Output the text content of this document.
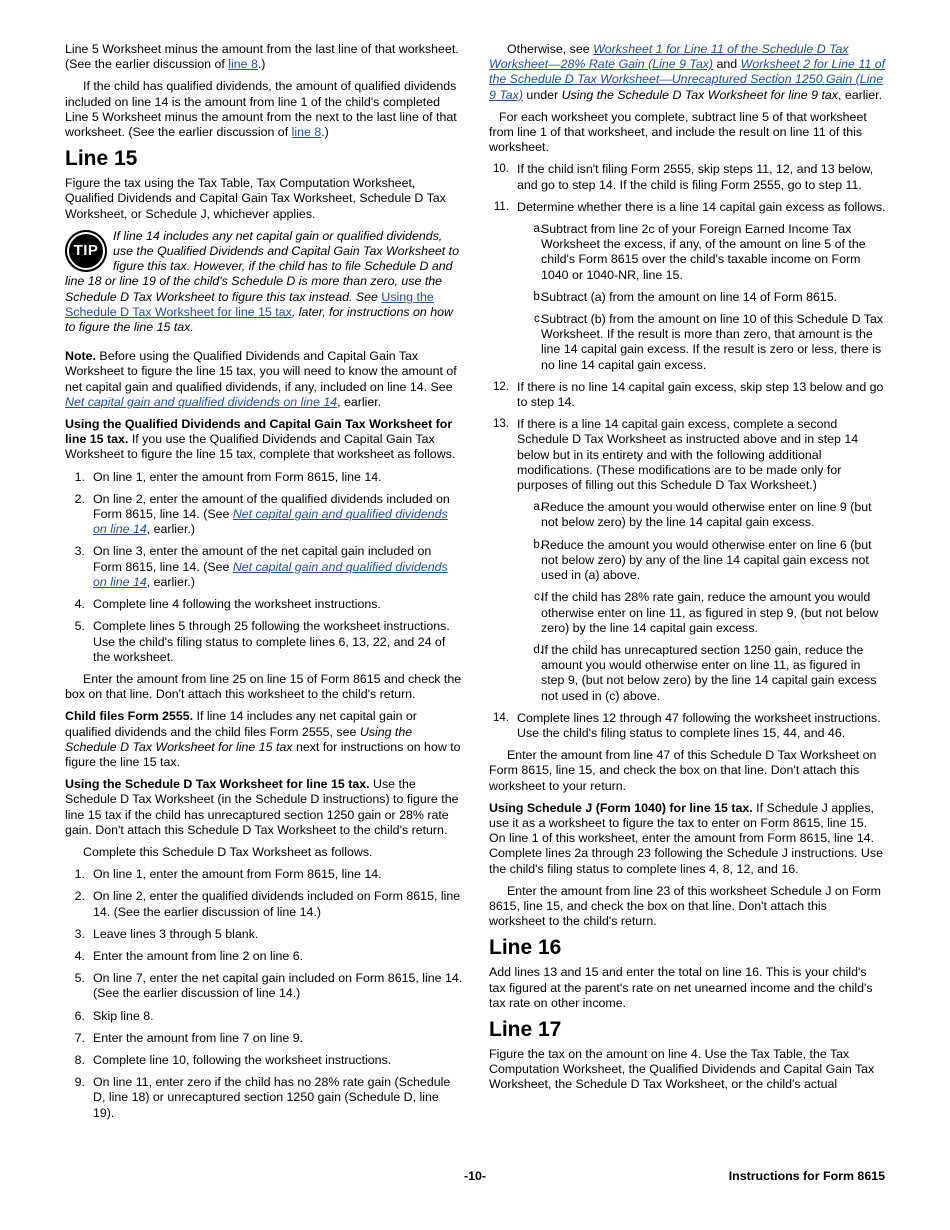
Line 5 Worksheet minus the amount from the last line of that worksheet. (See the earlier discussion of line 8.)

If the child has qualified dividends, the amount of qualified dividends included on line 14 is the amount from line 1 of the child's completed Line 5 Worksheet minus the amount from the next to the last line of that worksheet. (See the earlier discussion of line 8.)

Line 15

Figure the tax using the Tax Table, Tax Computation Worksheet, Qualified Dividends and Capital Gain Tax Worksheet, Schedule D Tax Worksheet, or Schedule J, whichever applies.

TIP
If line 14 includes any net capital gain or qualified dividends, use the Qualified Dividends and Capital Gain Tax Worksheet to figure this tax. However, if the child has to file Schedule D and line 18 or line 19 of the child's Schedule D is more than zero, use the Schedule D Tax Worksheet to figure this tax instead. See Using the Schedule D Tax Worksheet for line 15 tax, later, for instructions on how to figure the line 15 tax.

Note. Before using the Qualified Dividends and Capital Gain Tax Worksheet to figure the line 15 tax, you will need to know the amount of net capital gain and qualified dividends, if any, included on line 14. See Net capital gain and qualified dividends on line 14, earlier.

Using the Qualified Dividends and Capital Gain Tax Worksheet for line 15 tax. If you use the Qualified Dividends and Capital Gain Tax Worksheet to figure the line 15 tax, complete that worksheet as follows.

1. On line 1, enter the amount from Form 8615, line 14.
2. On line 2, enter the amount of the qualified dividends included on Form 8615, line 14. (See Net capital gain and qualified dividends on line 14, earlier.)
3. On line 3, enter the amount of the net capital gain included on Form 8615, line 14. (See Net capital gain and qualified dividends on line 14, earlier.)
4. Complete line 4 following the worksheet instructions.
5. Complete lines 5 through 25 following the worksheet instructions. Use the child's filing status to complete lines 6, 13, 22, and 24 of the worksheet.

Enter the amount from line 25 on line 15 of Form 8615 and check the box on that line. Don't attach this worksheet to the child's return.

Child files Form 2555. If line 14 includes any net capital gain or qualified dividends and the child files Form 2555, see Using the Schedule D Tax Worksheet for line 15 tax next for instructions on how to figure the line 15 tax.

Using the Schedule D Tax Worksheet for line 15 tax. Use the Schedule D Tax Worksheet (in the Schedule D instructions) to figure the line 15 tax if the child has unrecaptured section 1250 gain or 28% rate gain. Don't attach this Schedule D Tax Worksheet to the child's return.

Complete this Schedule D Tax Worksheet as follows.

1. On line 1, enter the amount from Form 8615, line 14.
2. On line 2, enter the qualified dividends included on Form 8615, line 14. (See the earlier discussion of line 14.)
3. Leave lines 3 through 5 blank.
4. Enter the amount from line 2 on line 6.
5. On line 7, enter the net capital gain included on Form 8615, line 14. (See the earlier discussion of line 14.)
6. Skip line 8.
7. Enter the amount from line 7 on line 9.
8. Complete line 10, following the worksheet instructions.
9. On line 11, enter zero if the child has no 28% rate gain (Schedule D, line 18) or unrecaptured section 1250 gain (Schedule D, line 19).

Otherwise, see Worksheet 1 for Line 11 of the Schedule D Tax Worksheet—28% Rate Gain (Line 9 Tax) and Worksheet 2 for Line 11 of the Schedule D Tax Worksheet—Unrecaptured Section 1250 Gain (Line 9 Tax) under Using the Schedule D Tax Worksheet for line 9 tax, earlier.

For each worksheet you complete, subtract line 5 of that worksheet from line 1 of that worksheet, and include the result on line 11 of this worksheet.

10. If the child isn't filing Form 2555, skip steps 11, 12, and 13 below, and go to step 14. If the child is filing Form 2555, go to step 11.
11. Determine whether there is a line 14 capital gain excess as follows.
a.
Subtract from line 2c of your Foreign Earned Income Tax Worksheet the excess, if any, of the amount on line 5 of the child's Form 8615 over the child's taxable income on Form 1040 or 1040-NR, line 15.
b.
Subtract (a) from the amount on line 14 of Form 8615.
c.
Subtract (b) from the amount on line 10 of this Schedule D Tax Worksheet. If the result is more than zero, that amount is the line 14 capital gain excess. If the result is zero or less, there is no line 14 capital gain excess.
12. If there is no line 14 capital gain excess, skip step 13 below and go to step 14.
13. If there is a line 14 capital gain excess, complete a second Schedule D Tax Worksheet as instructed above and in step 14 below but in its entirety and with the following additional modifications. (These modifications are to be made only for purposes of filling out this Schedule D Tax Worksheet.)
a.
Reduce the amount you would otherwise enter on line 9 (but not below zero) by the line 14 capital gain excess.
b.
Reduce the amount you would otherwise enter on line 6 (but not below zero) by any of the line 14 capital gain excess not used in (a) above.
c.
If the child has 28% rate gain, reduce the amount you would otherwise enter on line 11, as figured in step 9, (but not below zero) by the line 14 capital gain excess.
d.
If the child has unrecaptured section 1250 gain, reduce the amount you would otherwise enter on line 11, as figured in step 9, (but not below zero) by the line 14 capital gain excess not used in (c) above.
14. Complete lines 12 through 47 following the worksheet instructions. Use the child's filing status to complete lines 15, 44, and 46.

Enter the amount from line 47 of this Schedule D Tax Worksheet on Form 8615, line 15, and check the box on that line. Don't attach this worksheet to your return.

Using Schedule J (Form 1040) for line 15 tax. If Schedule J applies, use it as a worksheet to figure the tax to enter on Form 8615, line 15. On line 1 of this worksheet, enter the amount from Form 8615, line 14. Complete lines 2a through 23 following the Schedule J instructions. Use the child's filing status to complete lines 4, 8, 12, and 16.

Enter the amount from line 23 of this worksheet Schedule J on Form 8615, line 15, and check the box on that line. Don't attach this worksheet to the child's return.

Line 16

Add lines 13 and 15 and enter the total on line 16. This is your child's tax figured at the parent's rate on net unearned income and the child's tax rate on other income.

Line 17

Figure the tax on the amount on line 4. Use the Tax Table, the Tax Computation Worksheet, the Qualified Dividends and Capital Gain Tax Worksheet, the Schedule D Tax Worksheet, or the child's actual

-10-	Instructions for Form 8615
